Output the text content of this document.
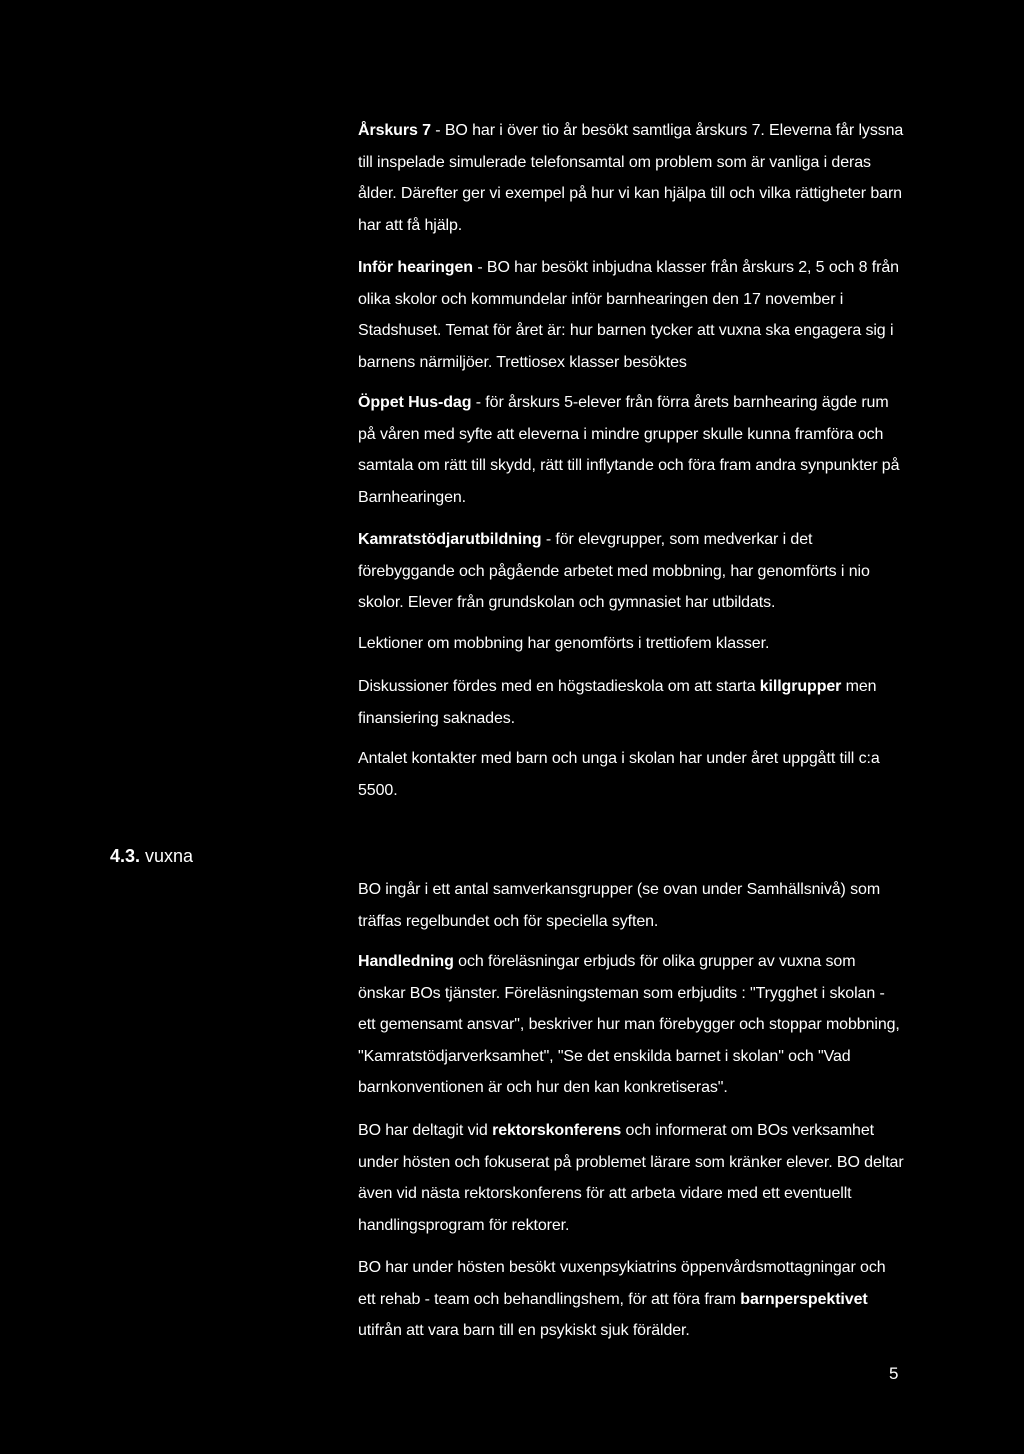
Årskurs 7 - BO har i över tio år besökt samtliga årskurs 7. Eleverna får lyssna till inspelade simulerade telefonsamtal om problem som är vanliga i deras ålder. Därefter ger vi exempel på hur vi kan hjälpa till och vilka rättigheter barn har att få hjälp.

Inför hearingen - BO har besökt inbjudna klasser från årskurs 2, 5 och 8 från olika skolor och kommundelar inför barnhearingen den 17 november i Stadshuset. Temat för året är: hur barnen tycker att vuxna ska engagera sig i barnens närmiljöer. Trettiosex klasser besöktes

Öppet Hus-dag - för årskurs 5-elever från förra årets barnhearing ägde rum på våren med syfte att eleverna i mindre grupper skulle kunna framföra och samtala om rätt till skydd, rätt till inflytande och föra fram andra synpunkter på Barnhearingen.

Kamratstödjarutbildning - för elevgrupper, som medverkar i det förebyggande och pågående arbetet med mobbning, har genomförts i nio skolor. Elever från grundskolan och gymnasiet har utbildats.

Lektioner om mobbning har genomförts i trettiofem klasser.

Diskussioner fördes med en högstadieskola om att starta killgrupper men finansiering saknades.

Antalet kontakter med barn och unga i skolan har under året uppgått till c:a 5500.

4.3. vuxna

BO ingår i ett antal samverkansgrupper (se ovan under Samhällsnivå) som träffas regelbundet och för speciella syften.

Handledning och föreläsningar erbjuds för olika grupper av vuxna som önskar BOs tjänster. Föreläsningsteman som erbjudits : "Trygghet i skolan - ett gemensamt ansvar", beskriver hur man förebygger och stoppar mobbning, "Kamratstödjarverksamhet", "Se det enskilda barnet i skolan" och "Vad barnkonventionen är och hur den kan konkretiseras".

BO har deltagit vid rektorskonferens och informerat om BOs verksamhet under hösten och fokuserat på problemet lärare som kränker elever. BO deltar även vid nästa rektorskonferens för att arbeta vidare med ett eventuellt handlingsprogram för rektorer.

BO har under hösten besökt vuxenpsykiatrins öppenvårdsmottagningar och ett rehab - team och behandlingshem, för att föra fram barnperspektivet utifrån att vara barn till en psykiskt sjuk förälder.

5
